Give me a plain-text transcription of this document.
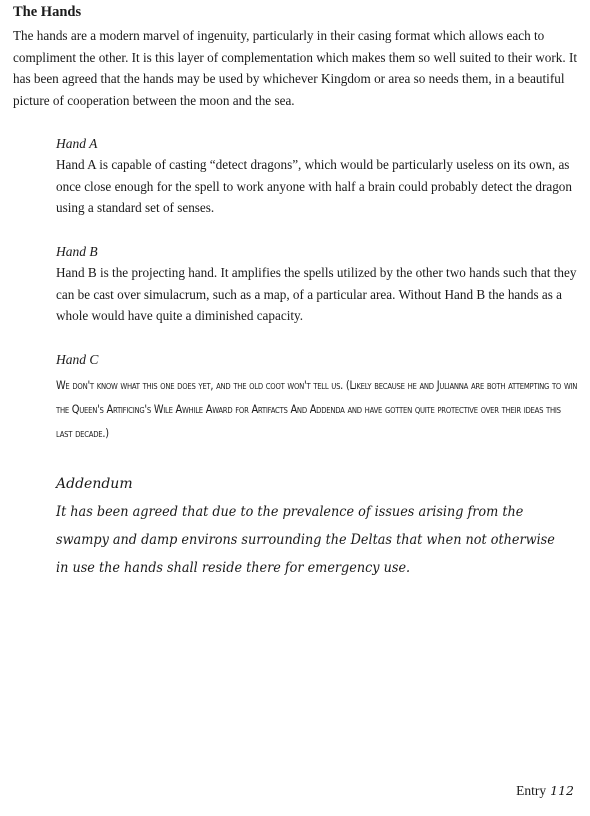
The Hands

The hands are a modern marvel of ingenuity, particularly in their casing format which allows each to compliment the other. It is this layer of complementation which makes them so well suited to their work. It has been agreed that the hands may be used by whichever Kingdom or area so needs them, in a beautiful picture of cooperation between the moon and the sea.

Hand A

Hand A is capable of casting “detect dragons”, which would be particularly useless on its own, as once close enough for the spell to work anyone with half a brain could probably detect the dragon using a standard set of senses.

Hand B

Hand B is the projecting hand. It amplifies the spells utilized by the other two hands such that they can be cast over simulacrum, such as a map, of a particular area. Without Hand B the hands as a whole would have quite a diminished capacity.

Hand C

We don't know what this one does yet, and the old coot won't tell us. (Likely because he and Julianna are both attempting to win the Queen's Artificing's Wile Awhile Award for Artifacts And Addenda and have gotten quite protective over their ideas this last decade.)

Addendum

It has been agreed that due to the prevalence of issues arising from the swampy and damp environs surrounding the Deltas that when not otherwise in use the hands shall reside there for emergency use.

Entry 112
